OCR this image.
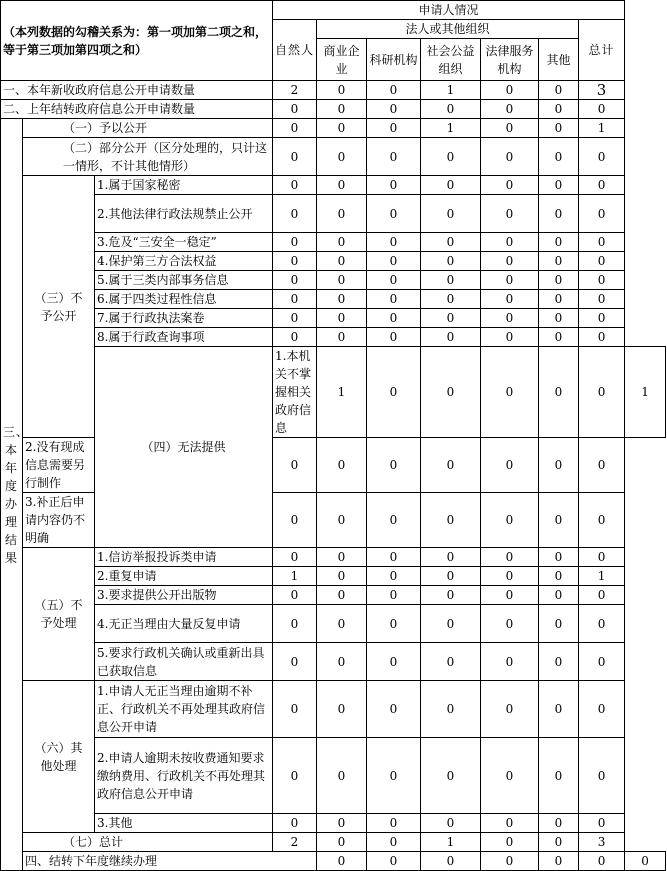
（本列数据的勾稽关系为：第一项加第二项之和，等于第三项加第四项之和）			申请人情况							
			自然人	法人或其他组织					总计	
				商业企业	科研机构	社会公益组织	法律服务机构	其他		
一、本年新收政府信息公开申请数量			2	0	0	1	0	0	3	
二、上年结转政府信息公开申请数量			0	0	0	0	0	0	0	
三、本年度办理结果	（一）予以公开		0	0	0	1	0	0	1	
	（二）部分公开（区分处理的，只计这一情形，不计其他情形）		0	0	0	0	0	0	0	
	（三）不予公开	1.属于国家秘密	0	0	0	0	0	0	0	
		2.其他法律行政法规禁止公开	0	0	0	0	0	0	0	
		3.危及“三安全一稳定”	0	0	0	0	0	0	0	
		4.保护第三方合法权益	0	0	0	0	0	0	0	
		5.属于三类内部事务信息	0	0	0	0	0	0	0	
		6.属于四类过程性信息	0	0	0	0	0	0	0	
		7.属于行政执法案卷	0	0	0	0	0	0	0	
		8.属于行政查询事项	0	0	0	0	0	0	0	
		（四）无法提供	1.本机关不掌握相关政府信息	1	0	0	0	0	0	1
	2.没有现成信息需要另行制作		0	0	0	0	0	0	0	
	3.补正后申请内容仍不明确		0	0	0	0	0	0	0	
	（五）不予处理	1.信访举报投诉类申请	0	0	0	0	0	0	0	
		2.重复申请	1	0	0	0	0	0	1	
		3.要求提供公开出版物	0	0	0	0	0	0	0	
		4.无正当理由大量反复申请	0	0	0	0	0	0	0	
		5.要求行政机关确认或重新出具已获取信息	0	0	0	0	0	0	0	
	（六）其他处理	1.申请人无正当理由逾期不补正、行政机关不再处理其政府信息公开申请	0	0	0	0	0	0	0	
		2.申请人逾期未按收费通知要求缴纳费用、行政机关不再处理其政府信息公开申请	0	0	0	0	0	0	0	
		3.其他	0	0	0	0	0	0	0	
	（七）总计		2	0	0	1	0	0	3	
	四、结转下年度继续办理			0	0	0	0	0	0	0
